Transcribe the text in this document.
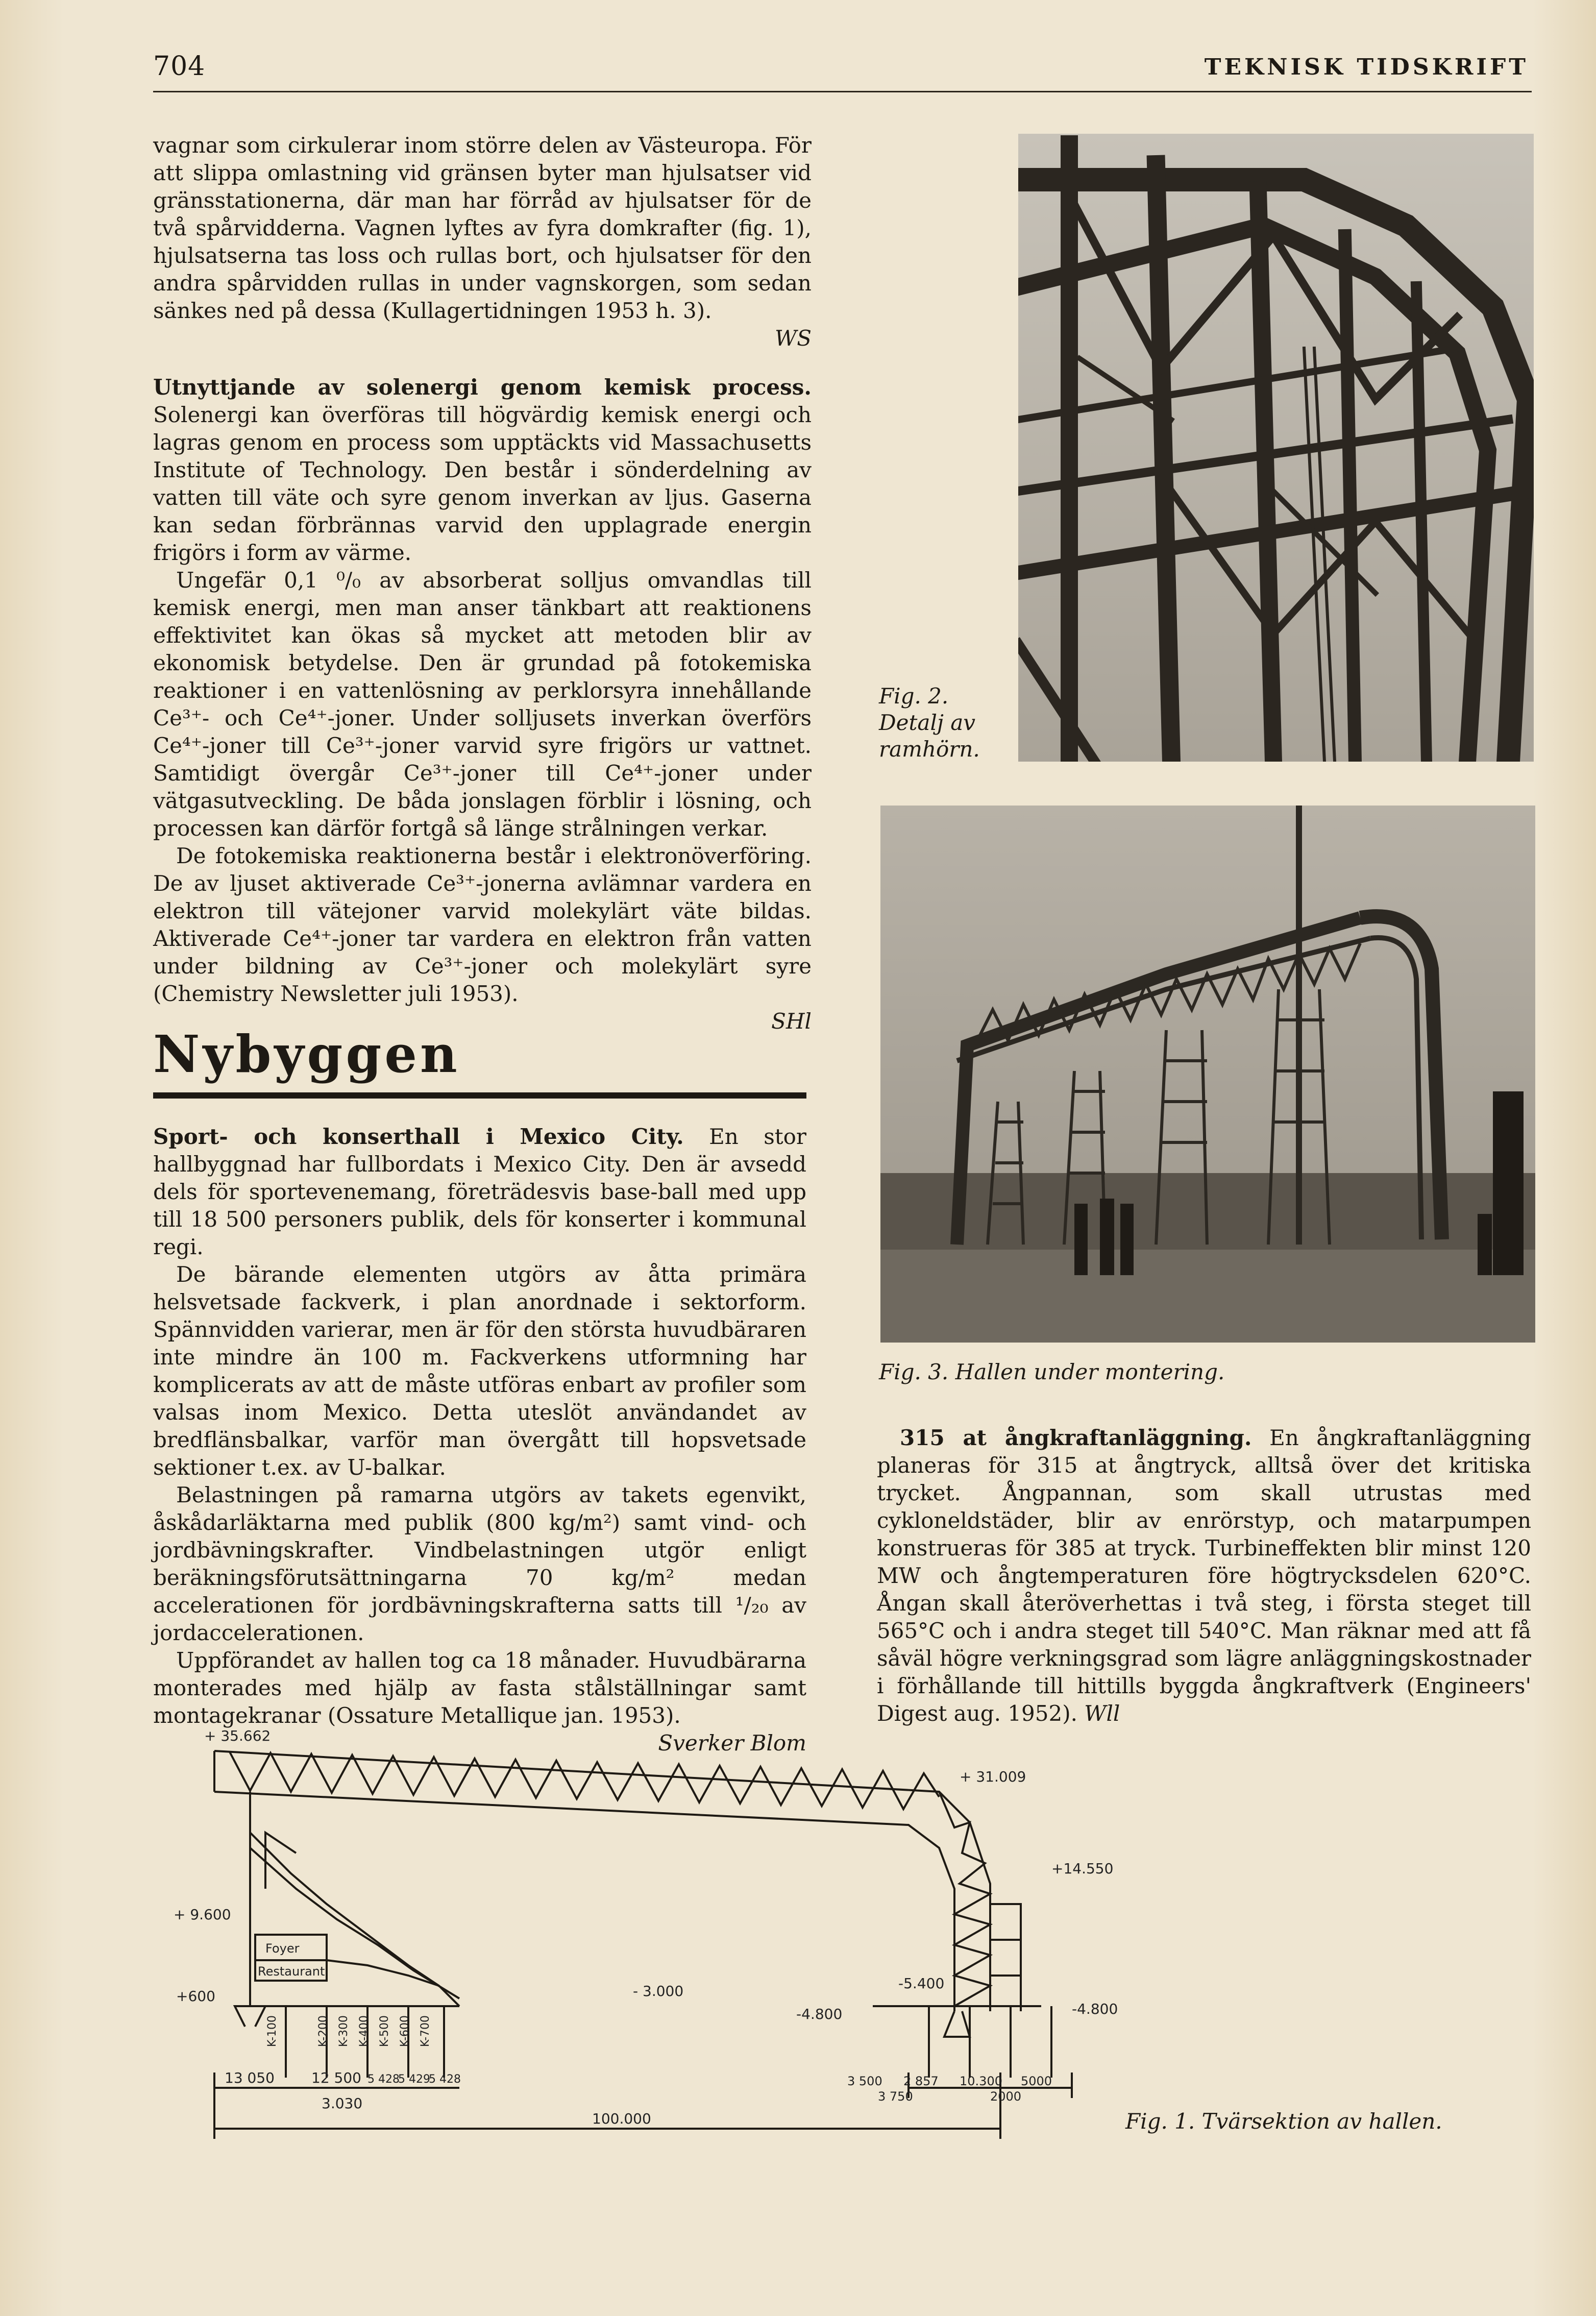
704	TEKNISK TIDSKRIFT

vagnar som cirkulerar inom större delen av Västeuropa. För att slippa omlastning vid gränsen byter man hjulsatser vid gränsstationerna, där man har förråd av hjulsatser för de två spårvidderna. Vagnen lyftes av fyra domkrafter (fig. 1), hjulsatserna tas loss och rullas bort, och hjulsatser för den andra spårvidden rullas in under vagnskorgen, som sedan sänkes ned på dessa (Kullagertidningen 1953 h. 3).

WS

Utnyttjande av solenergi genom kemisk process. Solenergi kan överföras till högvärdig kemisk energi och lagras genom en process som upptäckts vid Massachusetts Institute of Technology. Den består i sönderdelning av vatten till väte och syre genom inverkan av ljus. Gaserna kan sedan förbrännas varvid den upplagrade energin frigörs i form av värme.

Ungefär 0,1 ⁰/₀ av absorberat solljus omvandlas till kemisk energi, men man anser tänkbart att reaktionens effektivitet kan ökas så mycket att metoden blir av ekonomisk betydelse. Den är grundad på fotokemiska reaktioner i en vattenlösning av perklorsyra innehållande Ce³⁺- och Ce⁴⁺-joner. Under solljusets inverkan överförs Ce⁴⁺-joner till Ce³⁺-joner varvid syre frigörs ur vattnet. Samtidigt övergår Ce³⁺-joner till Ce⁴⁺-joner under vätgasutveckling. De båda jonslagen förblir i lösning, och processen kan därför fortgå så länge strålningen verkar.

De fotokemiska reaktionerna består i elektronöverföring. De av ljuset aktiverade Ce³⁺-jonerna avlämnar vardera en elektron till vätejoner varvid molekylärt väte bildas. Aktiverade Ce⁴⁺-joner tar vardera en elektron från vatten under bildning av Ce³⁺-joner och molekylärt syre (Chemistry Newsletter juli 1953).

SHl
Nybyggen

Sport- och konserthall i Mexico City. En stor hallbyggnad har fullbordats i Mexico City. Den är avsedd dels för sportevenemang, företrädesvis base-ball med upp till 18 500 personers publik, dels för konserter i kommunal regi.

De bärande elementen utgörs av åtta primära helsvetsade fackverk, i plan anordnade i sektorform. Spännvidden varierar, men är för den största huvudbäraren inte mindre än 100 m. Fackverkens utformning har komplicerats av att de måste utföras enbart av profiler som valsas inom Mexico. Detta uteslöt användandet av bredflänsbalkar, varför man övergått till hopsvetsade sektioner t.ex. av U-balkar.

Belastningen på ramarna utgörs av takets egenvikt, åskådarläktarna med publik (800 kg/m²) samt vind- och jordbävningskrafter. Vindbelastningen utgör enligt beräkningsförutsättningarna 70 kg/m² medan accelerationen för jordbävningskrafterna satts till ¹/₂₀ av jordaccelerationen.

Uppförandet av hallen tog ca 18 månader. Huvudbärarna monterades med hjälp av fasta stålställningar samt montagekranar (Ossature Metallique jan. 1953).

Sverker Blom
Fig. 2. Detalj av ramhörn.
Fig. 3. Hallen under montering.

315 at ångkraftanläggning. En ångkraftanläggning planeras för 315 at ångtryck, alltså över det kritiska trycket. Ångpannan, som skall utrustas med cykloneldstäder, blir av enrörstyp, och matarpumpen konstrueras för 385 at tryck. Turbineffekten blir minst 120 MW och ångtemperaturen före högtrycksdelen 620°C. Ångan skall återöverhettas i två steg, i första steget till 565°C och i andra steget till 540°C. Man räknar med att få såväl högre verkningsgrad som lägre anläggningskostnader i förhållande till hittills byggda ångkraftverk (Engineers' Digest aug. 1952). Wll

+ 35.662
+ 31.009
+14.550
+ 9.600
Foyer
Restaurant
+600	- 3.000
-4.800
-5.400
-4.800
K-100	K-200 K-300 K-400 K-500 K-600 K-700
13 050	12 500
3.030
5 428
5 429
5 428
100.000
3 500 2 857
3 750
10.300 5000
2000
Fig. 1. Tvärsektion av hallen.
